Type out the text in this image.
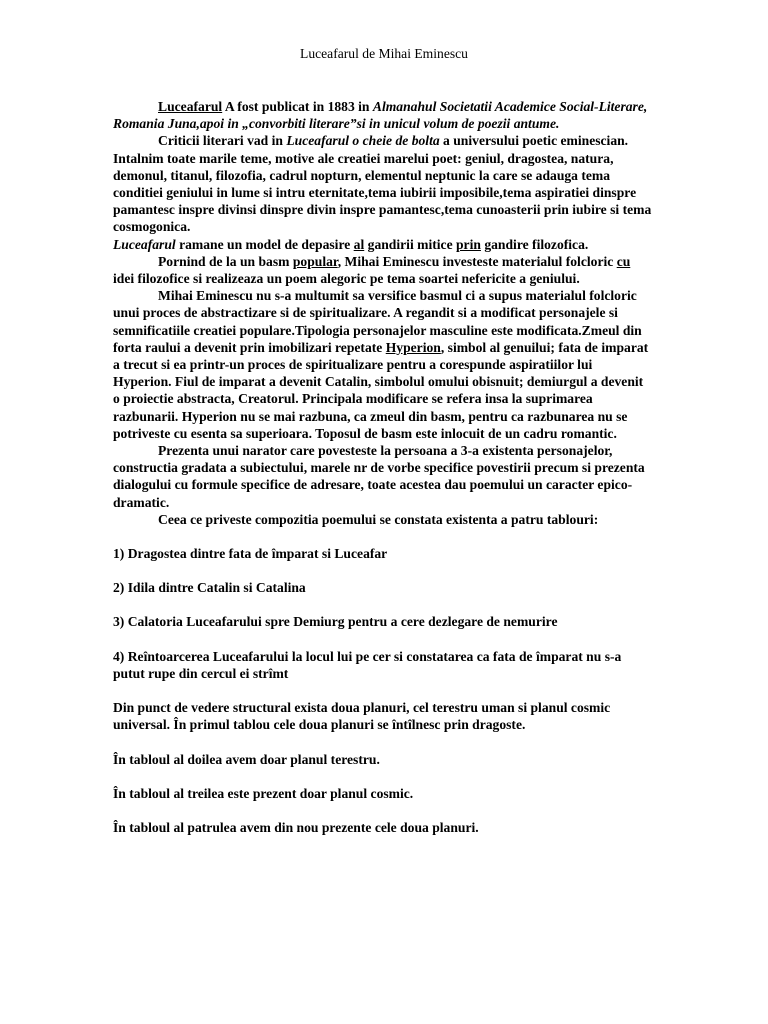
Luceafarul de Mihai Eminescu

Luceafarul A fost publicat in 1883 in Almanahul Societatii Academice Social-Literare, Romania Juna,apoi in „convorbiti literare”si in unicul volum de poezii antume.

Criticii literari vad in Luceafarul o cheie de bolta a universului poetic eminescian. Intalnim toate marile teme, motive ale creatiei marelui poet: geniul, dragostea, natura, demonul, titanul, filozofia, cadrul nopturn, elementul neptunic la care se adauga tema conditiei geniului in lume si intru eternitate,tema iubirii imposibile,tema aspiratiei dinspre pamantesc inspre divinsi dinspre divin inspre pamantesc,tema cunoasterii prin iubire si tema cosmogonica.

Luceafarul ramane un model de depasire al gandirii mitice prin gandire filozofica.

Pornind de la un basm popular, Mihai Eminescu investeste materialul folcloric cu idei filozofice si realizeaza un poem alegoric pe tema soartei nefericite a geniului.

Mihai Eminescu nu s-a multumit sa versifice basmul ci a supus materialul folcloric unui proces de abstractizare si de spiritualizare. A regandit si a modificat personajele si semnificatiile creatiei populare.Tipologia personajelor masculine este modificata.Zmeul din forta raului a devenit prin imobilizari repetate Hyperion, simbol al genuilui; fata de imparat a trecut si ea printr-un proces de spiritualizare pentru a corespunde aspiratiilor lui Hyperion. Fiul de imparat a devenit Catalin, simbolul omului obisnuit; demiurgul a devenit o proiectie abstracta, Creatorul. Principala modificare se refera insa la suprimarea razbunarii. Hyperion nu se mai razbuna, ca zmeul din basm, pentru ca razbunarea nu se potriveste cu esenta sa superioara. Toposul de basm este inlocuit de un cadru romantic.

Prezenta unui narator care povesteste la persoana a 3-a existenta personajelor, constructia gradata a subiectului, marele nr de vorbe specifice povestirii precum si prezenta dialogului cu formule specifice de adresare, toate acestea dau poemului un caracter epico-dramatic.

Ceea ce priveste compozitia poemului se constata existenta a patru tablouri:

1) Dragostea dintre fata de împarat si Luceafar

2) Idila dintre Catalin si Catalina

3) Calatoria Luceafarului spre Demiurg pentru a cere dezlegare de nemurire

4) Reîntoarcerea Luceafarului la locul lui pe cer si constatarea ca fata de împarat nu s-a putut rupe din cercul ei strîmt

Din punct de vedere structural exista doua planuri, cel terestru uman si planul cosmic universal. În primul tablou cele doua planuri se întîlnesc prin dragoste.

În tabloul al doilea avem doar planul terestru.

În tabloul al treilea este prezent doar planul cosmic.

În tabloul al patrulea avem din nou prezente cele doua planuri.
